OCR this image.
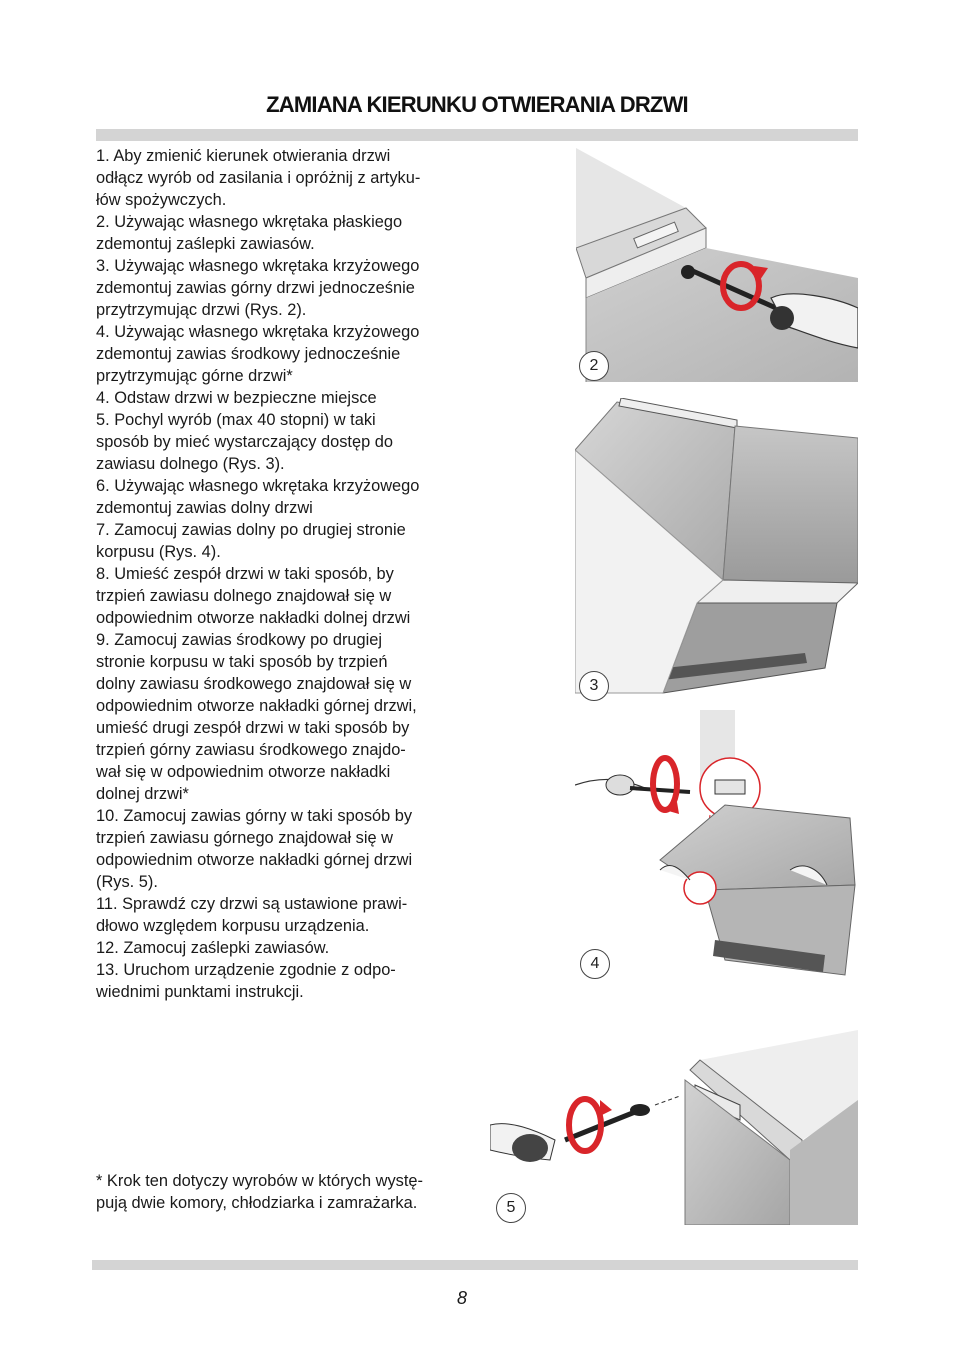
ZAMIANA KIERUNKU OTWIERANIA DRZWI

1. Aby zmienić kierunek otwierania drzwi

odłącz wyrób od zasilania i opróżnij z artyku-

łów spożywczych.

2. Używając własnego wkrętaka płaskiego

zdemontuj zaślepki zawiasów.

3. Używając własnego wkrętaka krzyżowego

zdemontuj zawias górny drzwi jednocześnie

przytrzymując drzwi (Rys. 2).

4. Używając własnego wkrętaka krzyżowego

zdemontuj zawias środkowy jednocześnie

przytrzymując górne drzwi*

4. Odstaw drzwi w bezpieczne miejsce

5. Pochyl wyrób (max 40 stopni) w taki

sposób by mieć wystarczający dostęp do

zawiasu dolnego (Rys. 3).

6. Używając własnego wkrętaka krzyżowego

zdemontuj zawias dolny drzwi

7. Zamocuj zawias dolny po drugiej stronie

korpusu (Rys. 4).

8. Umieść zespół drzwi w taki sposób, by

trzpień zawiasu dolnego znajdował się w

odpowiednim otworze nakładki dolnej drzwi

9. Zamocuj zawias środkowy po drugiej

stronie korpusu w taki sposób by trzpień

dolny zawiasu środkowego znajdował się w

odpowiednim otworze nakładki górnej drzwi,

umieść drugi zespół drzwi w taki sposób by

trzpień górny zawiasu środkowego znajdo-

wał się w odpowiednim otworze nakładki

dolnej drzwi*

10. Zamocuj zawias górny w taki sposób by

trzpień zawiasu górnego znajdował się w

odpowiednim otworze nakładki górnej drzwi

(Rys. 5).

11. Sprawdź czy drzwi są ustawione prawi-

dłowo względem korpusu urządzenia.

12. Zamocuj zaślepki zawiasów.

13. Uruchom urządzenie zgodnie z odpo-

wiednimi punktami instrukcji.

* Krok ten dotyczy wyrobów w których wystę-
pują dwie komory, chłodziarka i zamrażarka.
2
3
4
5
8
